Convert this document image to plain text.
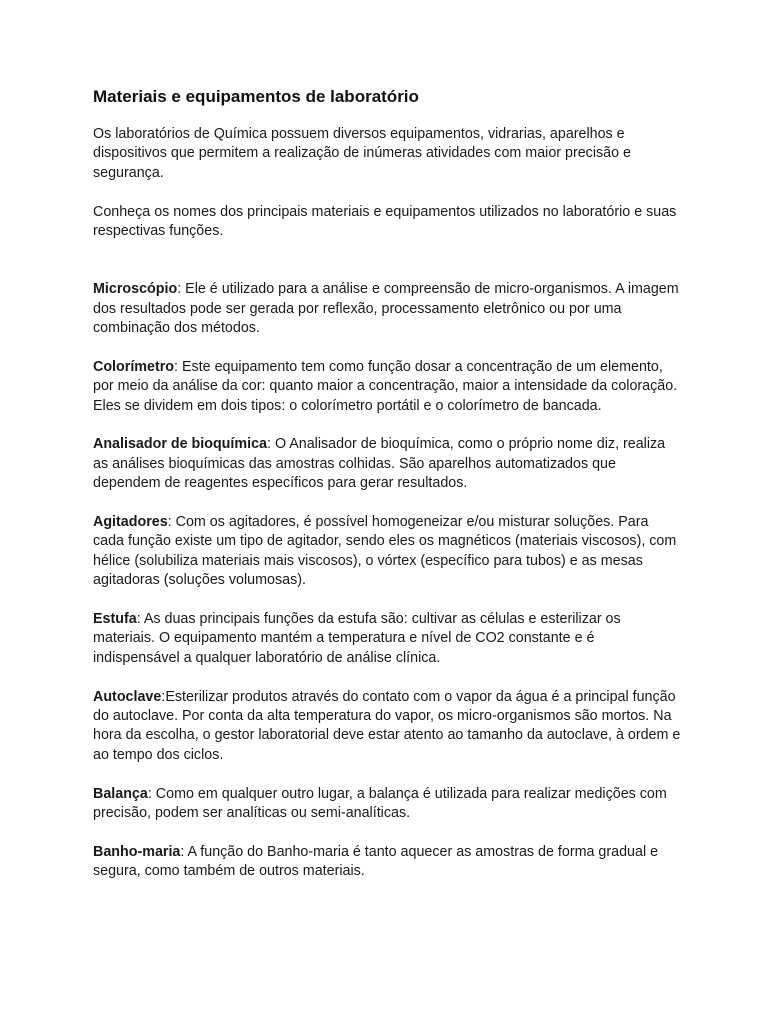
Materiais e equipamentos de laboratório

Os laboratórios de Química possuem diversos equipamentos, vidrarias, aparelhos e dispositivos que permitem a realização de inúmeras atividades com maior precisão e segurança.

Conheça os nomes dos principais materiais e equipamentos utilizados no laboratório e suas respectivas funções.

Microscópio: Ele é utilizado para a análise e compreensão de micro-organismos. A imagem dos resultados pode ser gerada por reflexão, processamento eletrônico ou por uma combinação dos métodos.

Colorímetro: Este equipamento tem como função dosar a concentração de um elemento, por meio da análise da cor: quanto maior a concentração, maior a intensidade da coloração. Eles se dividem em dois tipos: o colorímetro portátil e o colorímetro de bancada.

Analisador de bioquímica: O Analisador de bioquímica, como o próprio nome diz, realiza as análises bioquímicas das amostras colhidas. São aparelhos automatizados que dependem de reagentes específicos para gerar resultados.

Agitadores: Com os agitadores, é possível homogeneizar e/ou misturar soluções. Para cada função existe um tipo de agitador, sendo eles os magnéticos (materiais viscosos), com hélice (solubiliza materiais mais viscosos), o vórtex (específico para tubos) e as mesas agitadoras (soluções volumosas).

Estufa: As duas principais funções da estufa são: cultivar as células e esterilizar os materiais. O equipamento mantém a temperatura e nível de CO2 constante e é indispensável a qualquer laboratório de análise clínica.

Autoclave:Esterilizar produtos através do contato com o vapor da água é a principal função do autoclave. Por conta da alta temperatura do vapor, os micro-organismos são mortos. Na hora da escolha, o gestor laboratorial deve estar atento ao tamanho da autoclave, à ordem e ao tempo dos ciclos.

Balança: Como em qualquer outro lugar, a balança é utilizada para realizar medições com precisão, podem ser analíticas ou semi-analíticas.

Banho-maria: A função do Banho-maria é tanto aquecer as amostras de forma gradual e segura, como também de outros materiais.
